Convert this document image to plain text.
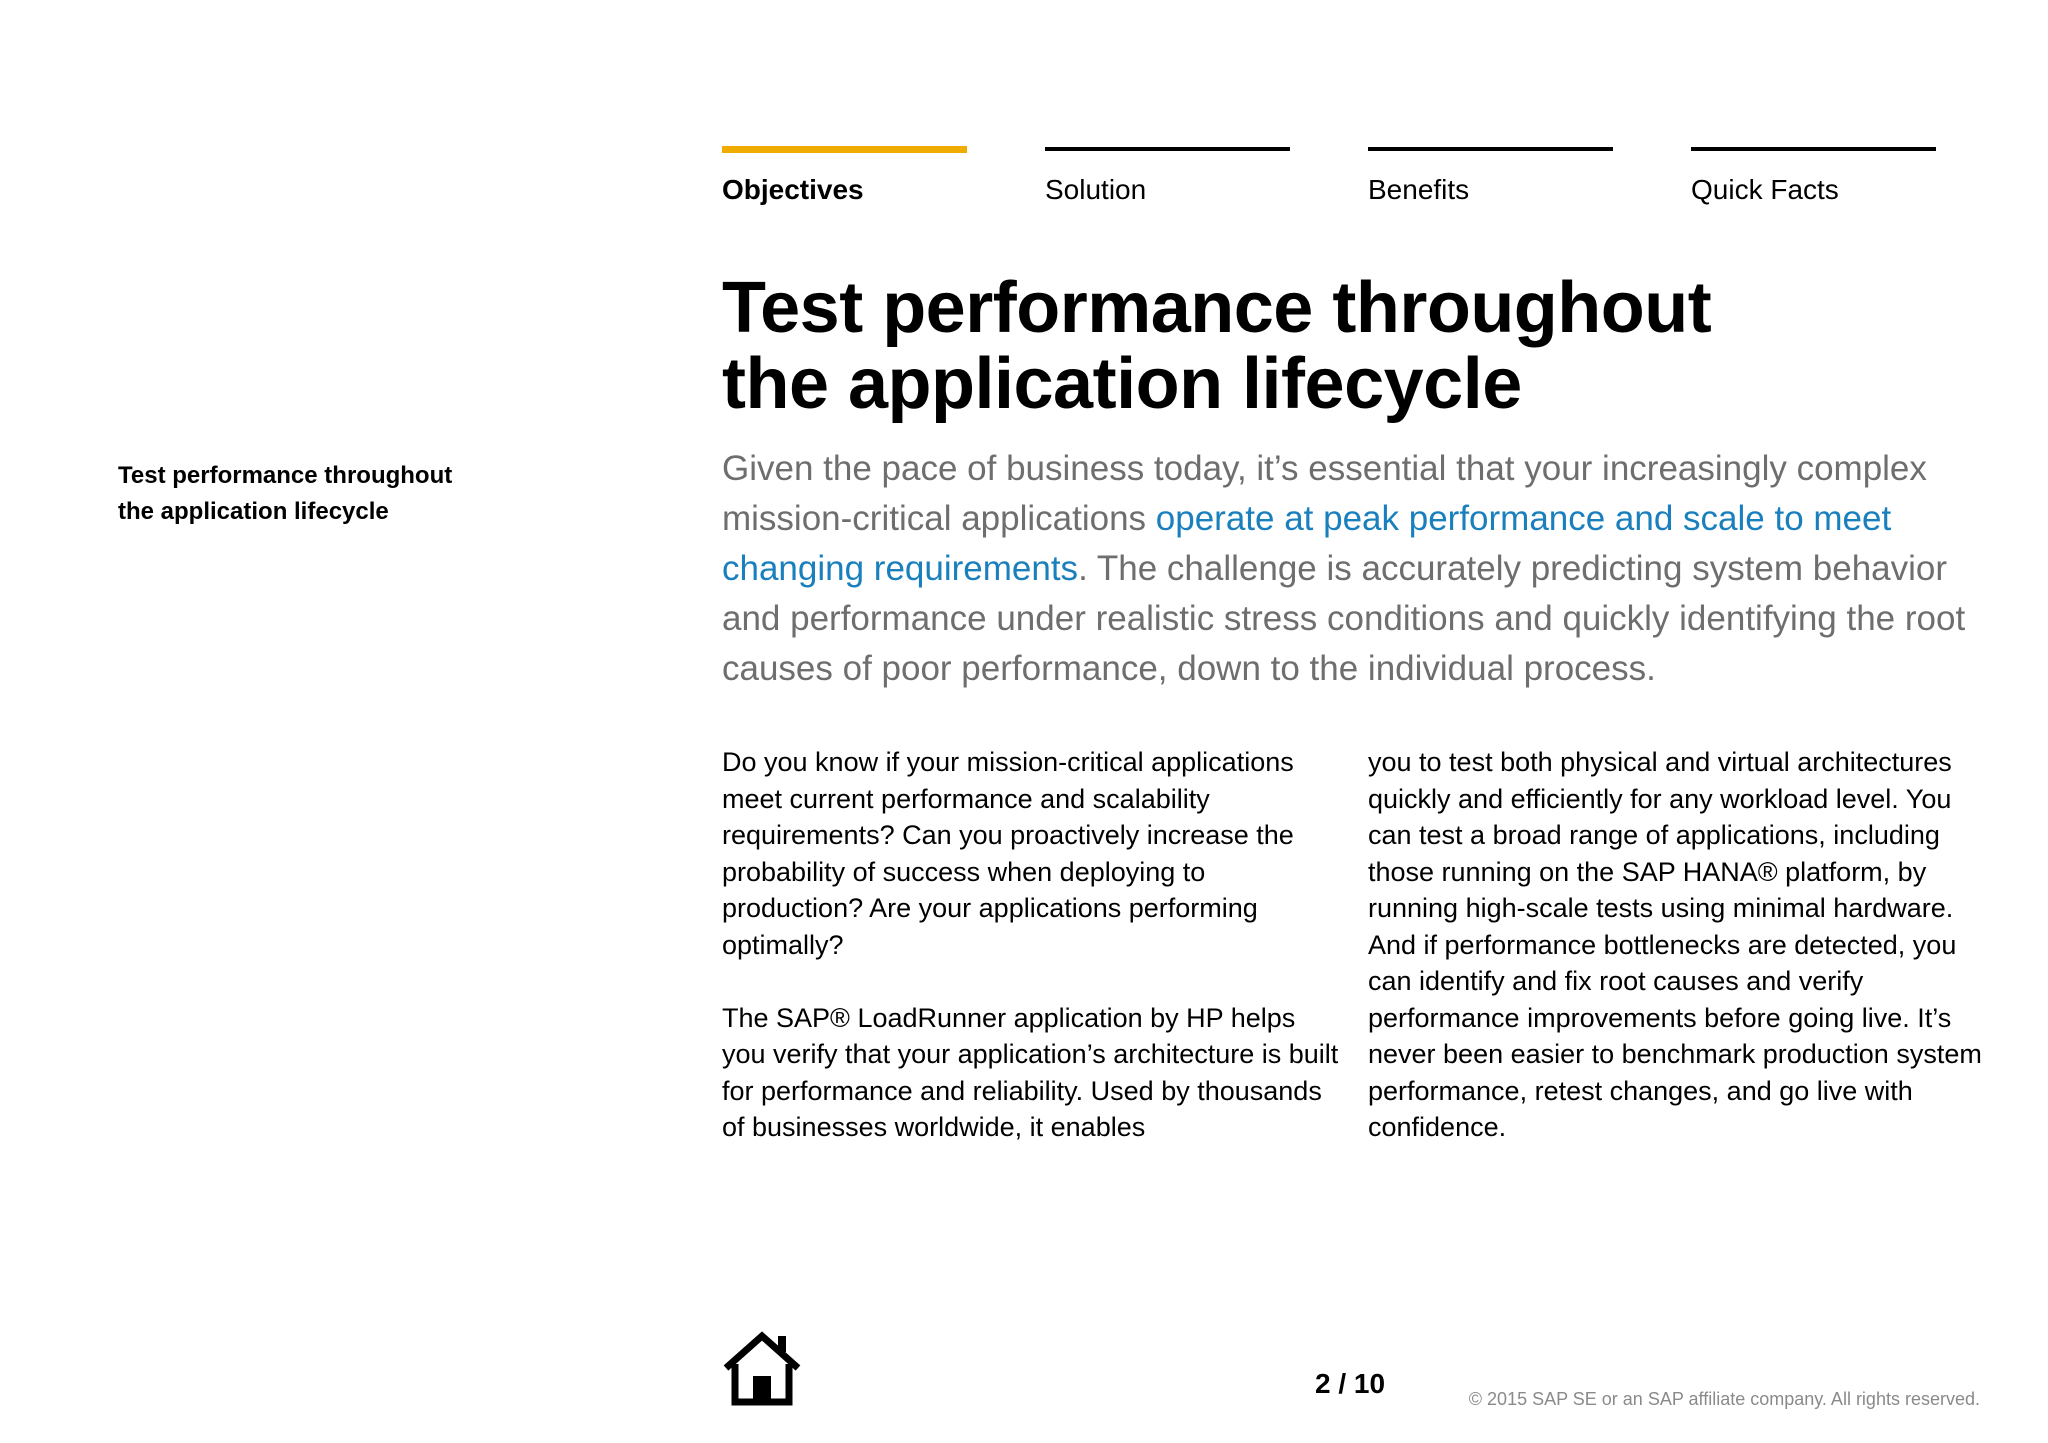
Test performance throughout
the application lifecycle
Objectives	Solution	Benefits	Quick Facts
Test performance throughout
the application lifecycle

Given the pace of business today, it’s essential that your increasingly complex mission-critical applications operate at peak performance and scale to meet changing requirements. The challenge is accurately predicting system behavior and performance under realistic stress conditions and quickly identifying the root causes of poor performance, down to the individual process.

Do you know if your mission-critical applications meet current performance and scalability requirements? Can you proactively increase the probability of success when deploying to production? Are your applications performing optimally?

The SAP® LoadRunner application by HP helps you verify that your application’s architecture is built for performance and reliability. Used by thousands of businesses worldwide, it enables

you to test both physical and virtual architectures quickly and efficiently for any workload level. You can test a broad range of applications, including those running on the SAP HANA® platform, by running high-scale tests using minimal hardware. And if performance bottlenecks are detected, you can identify and fix root causes and verify performance improvements before going live. It’s never been easier to benchmark production system performance, retest changes, and go live with confidence.

2 / 10	© 2015 SAP SE or an SAP affiliate company. All rights reserved.
